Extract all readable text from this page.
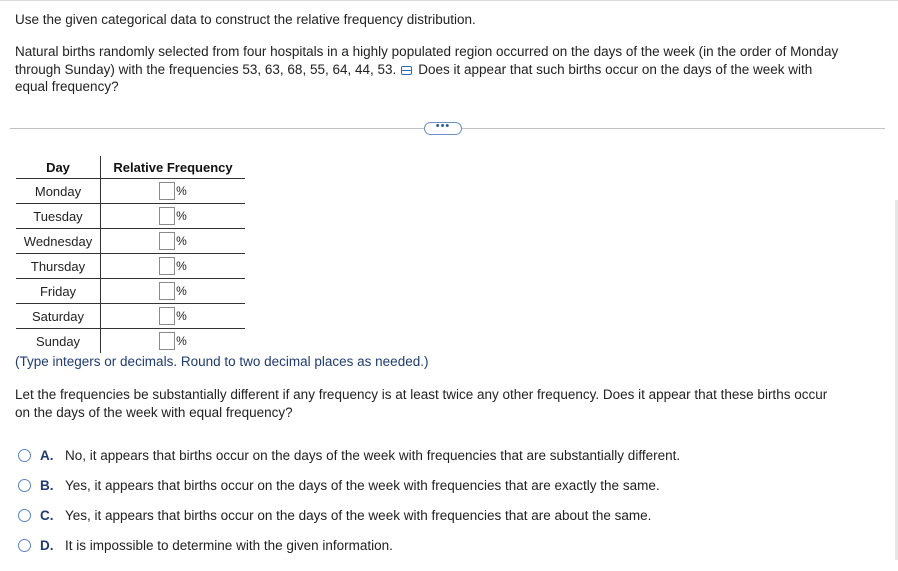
Use the given categorical data to construct the relative frequency distribution.
Natural births randomly selected from four hospitals in a highly populated region occurred on the days of the week (in the order of Monday
through Sunday) with the frequencies 53, 63, 68, 55, 64, 44, 53. Does it appear that such births occur on the days of the week with
equal frequency?
•••
Day	Relative Frequency
Monday	%

Tuesday	%

Wednesday	%

Thursday	%

Friday	%

Saturday	%

Sunday	%
(Type integers or decimals. Round to two decimal places as needed.)
Let the frequencies be substantially different if any frequency is at least twice any other frequency. Does it appear that these births occur
on the days of the week with equal frequency?
A. No, it appears that births occur on the days of the week with frequencies that are substantially different.
B. Yes, it appears that births occur on the days of the week with frequencies that are exactly the same.
C. Yes, it appears that births occur on the days of the week with frequencies that are about the same.
D. It is impossible to determine with the given information.
